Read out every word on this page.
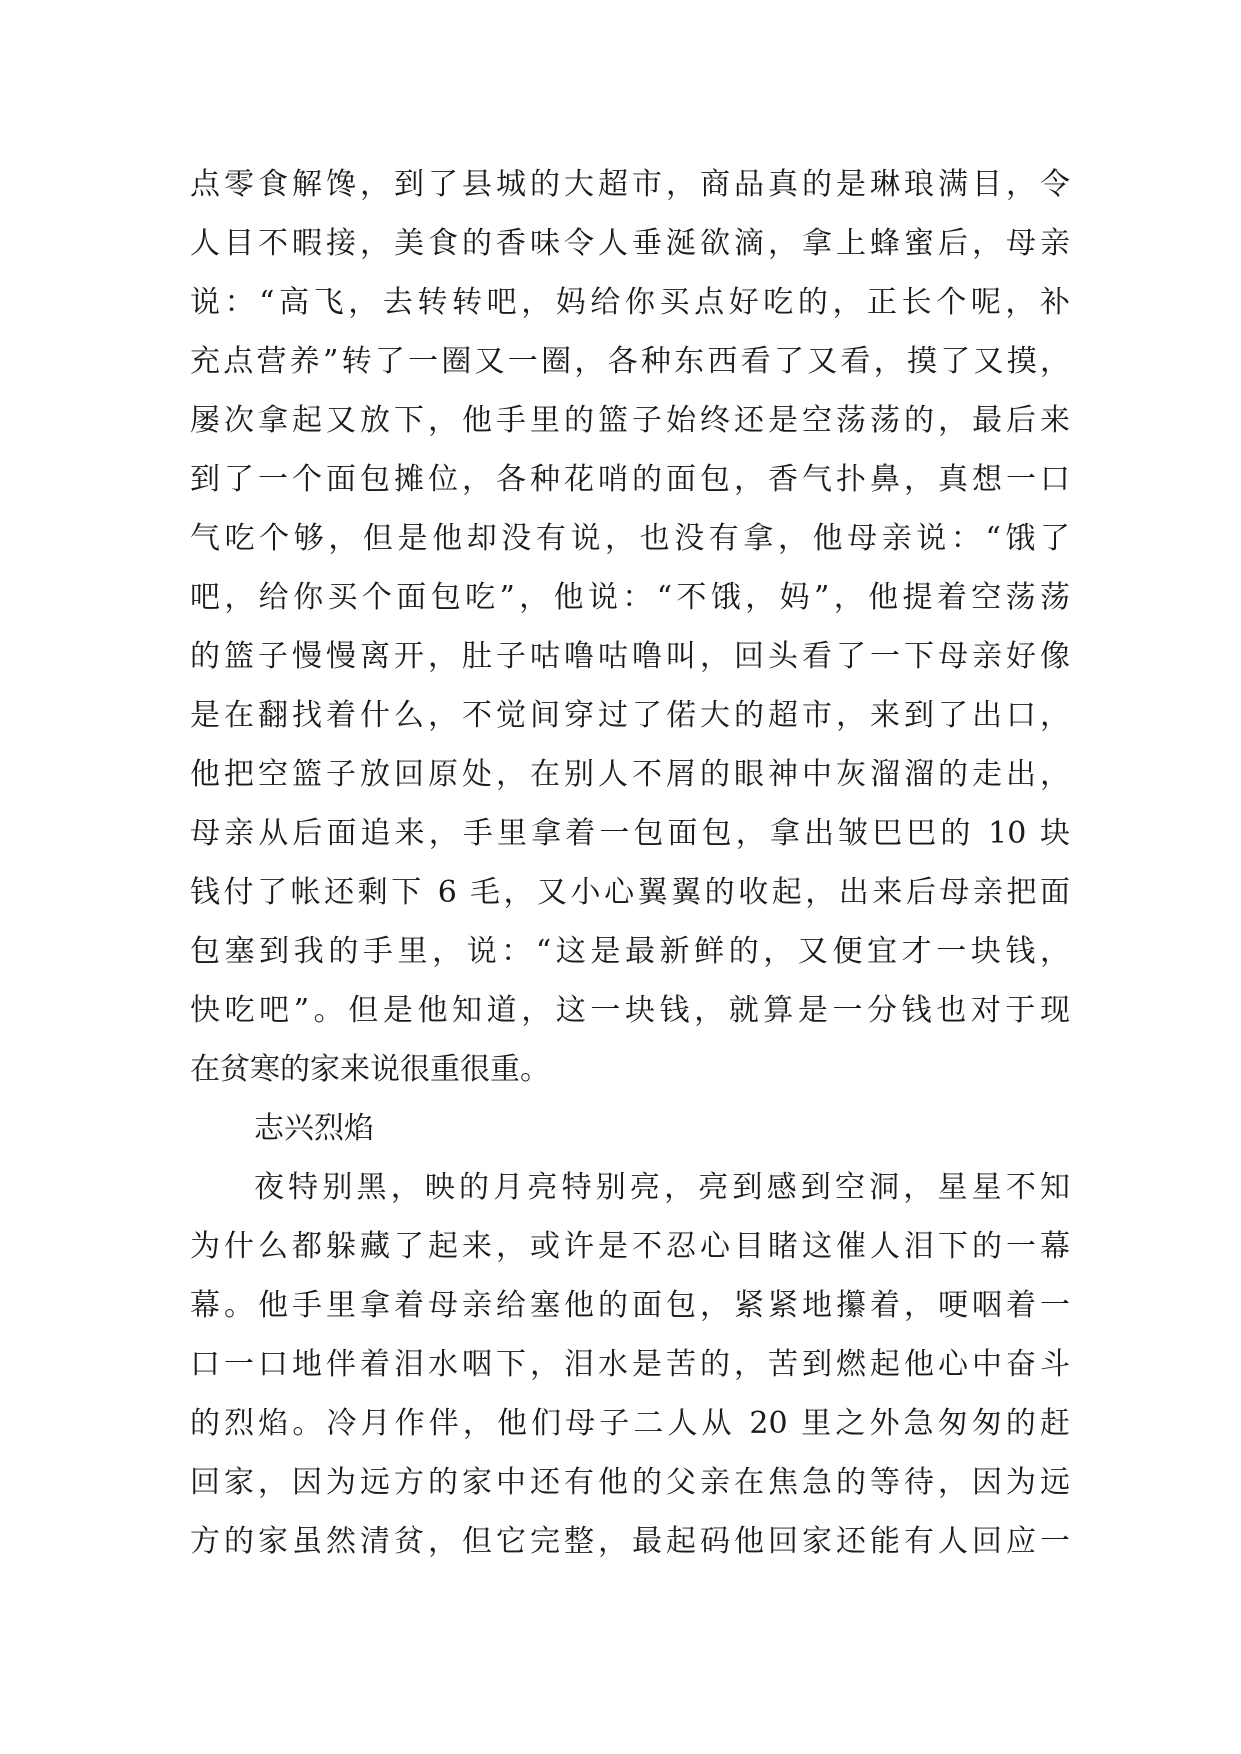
点零食解馋，到了县城的大超市，商品真的是琳琅满目，令
人目不暇接，美食的香味令人垂涎欲滴，拿上蜂蜜后，母亲
说：“高飞，去转转吧，妈给你买点好吃的，正长个呢，补
充点营养”转了一圈又一圈，各种东西看了又看，摸了又摸，
屡次拿起又放下，他手里的篮子始终还是空荡荡的，最后来
到了一个面包摊位，各种花哨的面包，香气扑鼻，真想一口
气吃个够，但是他却没有说，也没有拿，他母亲说：“饿了
吧，给你买个面包吃”，他说：“不饿，妈”，他提着空荡荡
的篮子慢慢离开，肚子咕噜咕噜叫，回头看了一下母亲好像
是在翻找着什么，不觉间穿过了偌大的超市，来到了出口，
他把空篮子放回原处，在别人不屑的眼神中灰溜溜的走出，
母亲从后面追来，手里拿着一包面包，拿出皱巴巴的 10 块
钱付了帐还剩下 6 毛，又小心翼翼的收起，出来后母亲把面
包塞到我的手里，说：“这是最新鲜的，又便宜才一块钱，
快吃吧”。但是他知道，这一块钱，就算是一分钱也对于现
在贫寒的家来说很重很重。
志兴烈焰
夜特别黑，映的月亮特别亮，亮到感到空洞，星星不知
为什么都躲藏了起来，或许是不忍心目睹这催人泪下的一幕
幕。他手里拿着母亲给塞他的面包，紧紧地攥着，哽咽着一
口一口地伴着泪水咽下，泪水是苦的，苦到燃起他心中奋斗
的烈焰。冷月作伴，他们母子二人从 20 里之外急匆匆的赶
回家，因为远方的家中还有他的父亲在焦急的等待，因为远
方的家虽然清贫，但它完整，最起码他回家还能有人回应一
